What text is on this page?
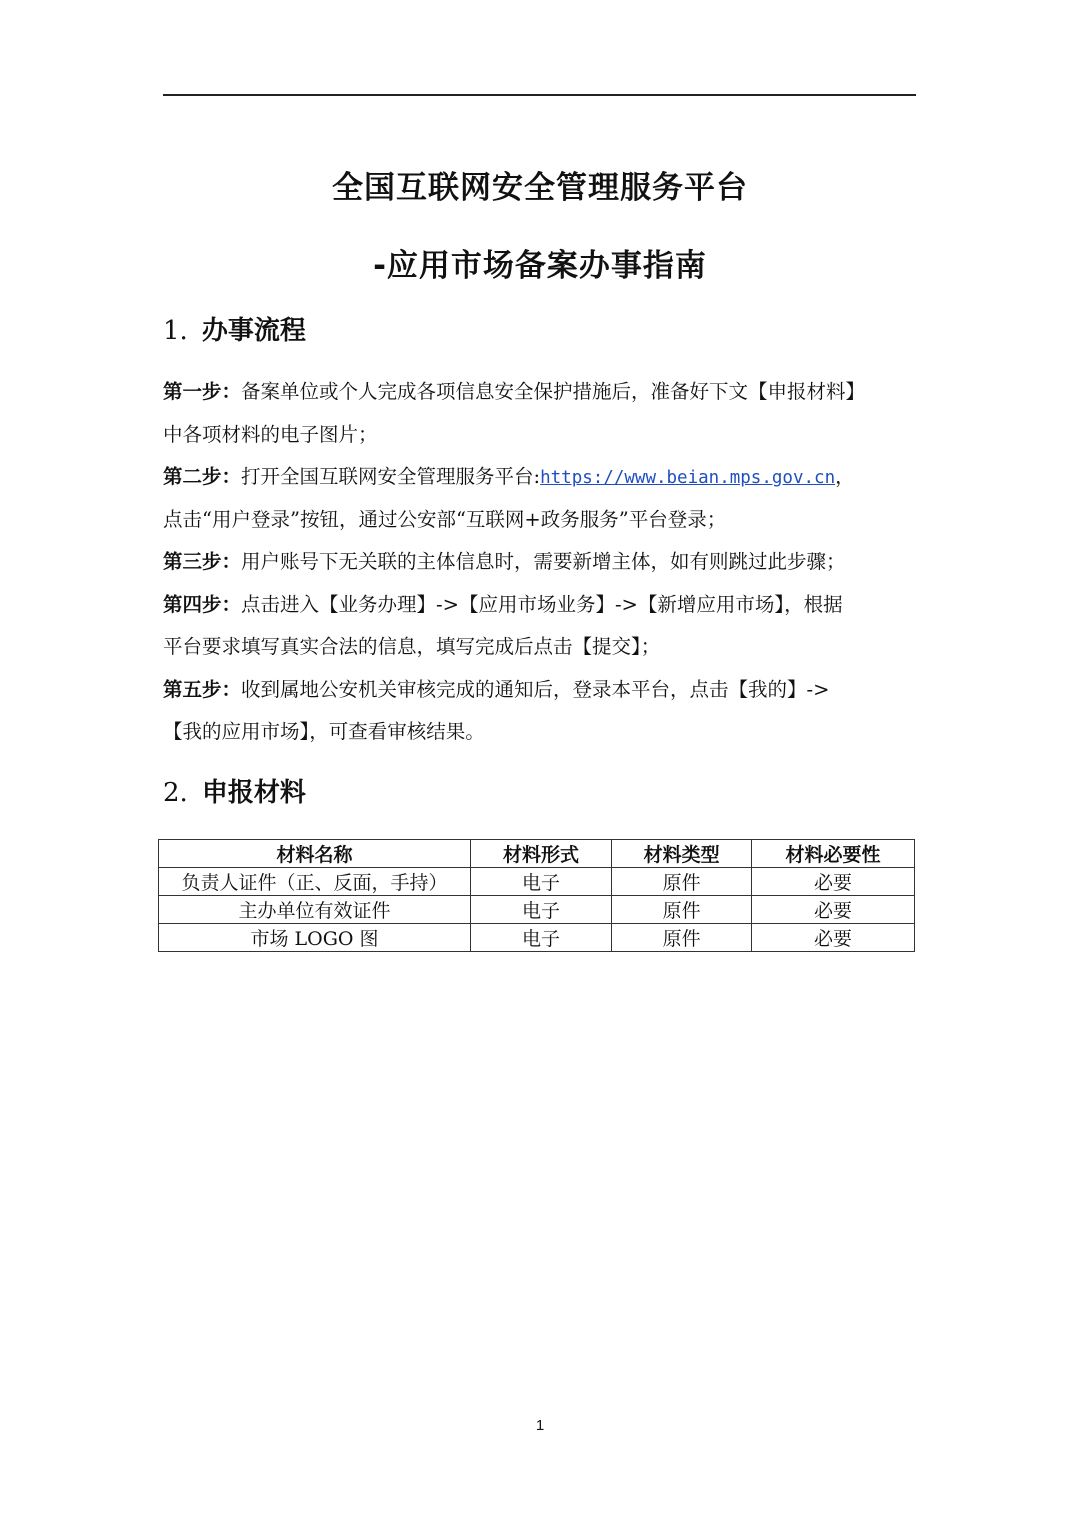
全国互联网安全管理服务平台
-应用市场备案办事指南
1. 办事流程
第一步：备案单位或个人完成各项信息安全保护措施后，准备好下文【申报材料】
中各项材料的电子图片；
第二步：打开全国互联网安全管理服务平台:https://www.beian.mps.gov.cn，
点击“用户登录”按钮，通过公安部“互联网+政务服务”平台登录；
第三步：用户账号下无关联的主体信息时，需要新增主体，如有则跳过此步骤；
第四步：点击进入【业务办理】->【应用市场业务】->【新增应用市场】，根据
平台要求填写真实合法的信息，填写完成后点击【提交】；
第五步：收到属地公安机关审核完成的通知后，登录本平台，点击【我的】->
【我的应用市场】，可查看审核结果。
2. 申报材料
材料名称	材料形式	材料类型	材料必要性
负责人证件（正、反面，手持）	电子	原件	必要
主办单位有效证件	电子	原件	必要
市场 LOGO 图	电子	原件	必要
1
